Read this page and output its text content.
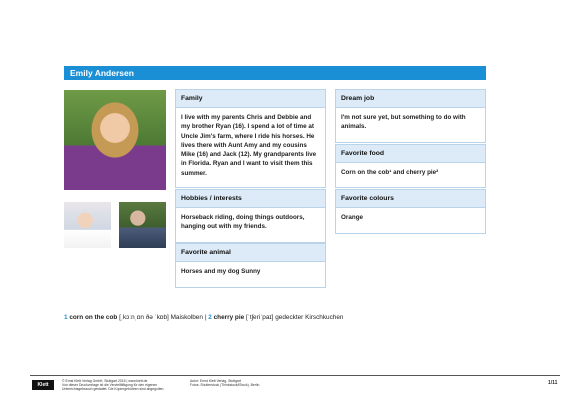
Emily Andersen
Family
I live with my parents Chris and Debbie and my brother Ryan (16). I spend a lot of time at Uncle Jim's farm, where I ride his horses. He lives there with Aunt Amy and my cousins Mike (16) and Jack (12). My grandparents live in Florida. Ryan and I want to visit them this summer.
Hobbies / interests
Horseback riding, doing things outdoors, hanging out with my friends.
Favorite animal
Horses and my dog Sunny
Dream job
I'm not sure yet, but something to do with animals.
Favorite food
Corn on the cob¹ and cherry pie²
Favorite colours
Orange
1 corn on the cob [ˌkɔːnˌɒn ðə ˈkɒb] Maiskolben | 2 cherry pie [ˈtʃeriˈpaɪ] gedeckter Kirschkuchen
Klett
© Ernst Klett Verlag GmbH, Stuttgart 2015 | www.klett.de
Von dieser Druckvorlage ist die Vervielfältigung für den eigenen
Unterrichtsgebrauch gestattet. Die Kopiergebühren sind abgegolten.
Autor: Ernst Klett Verlag, Stuttgart
Fotos: Shutterstock (Thinkstock/iStock), Berlin	1/11
